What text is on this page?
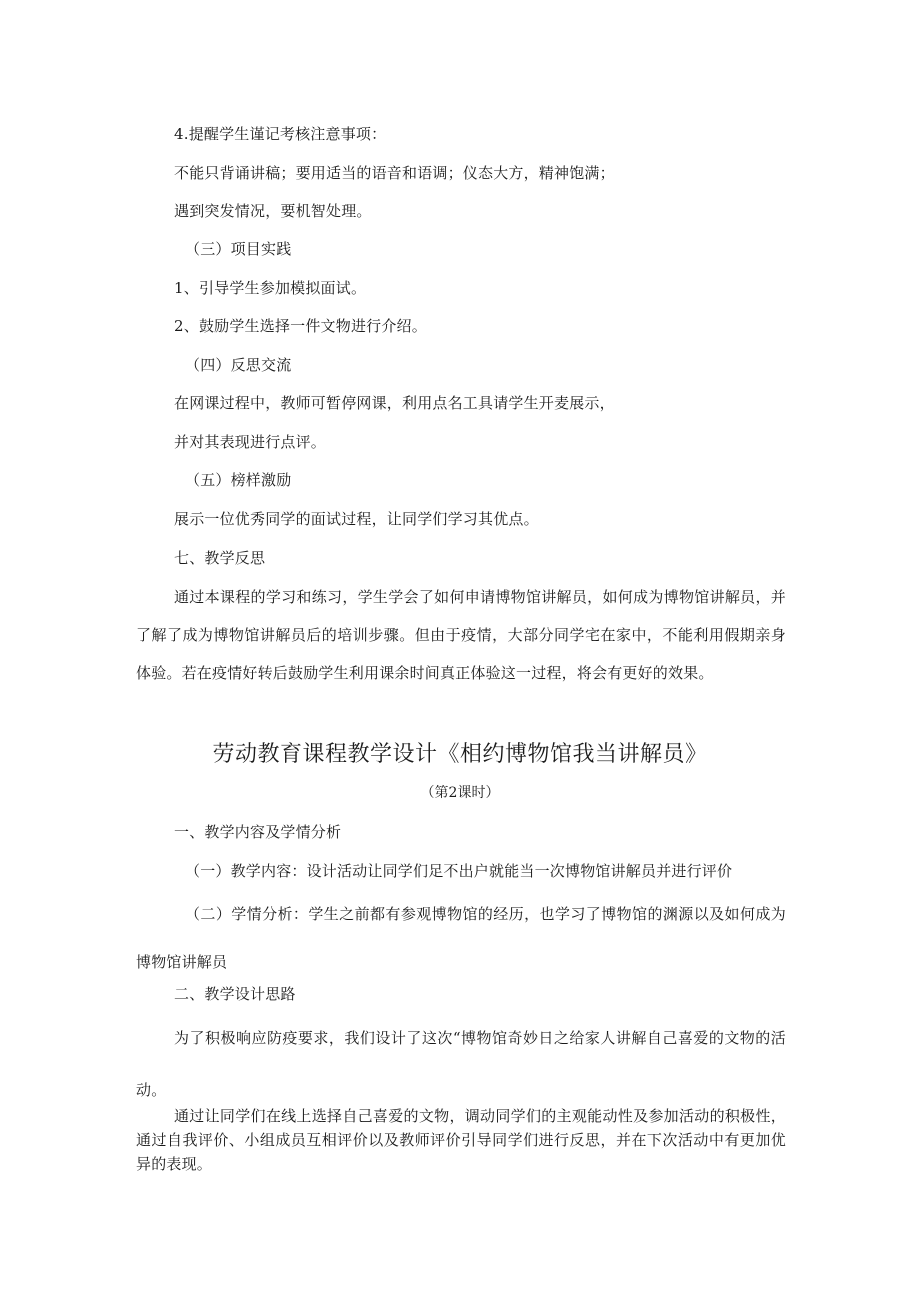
4.提醒学生谨记考核注意事项：
不能只背诵讲稿；要用适当的语音和语调；仪态大方，精神饱满；
遇到突发情况，要机智处理。
（三）项目实践
1、引导学生参加模拟面试。
2、鼓励学生选择一件文物进行介绍。
（四）反思交流
在网课过程中，教师可暂停网课，利用点名工具请学生开麦展示，
并对其表现进行点评。
（五）榜样激励
展示一位优秀同学的面试过程，让同学们学习其优点。
七、教学反思
通过本课程的学习和练习，学生学会了如何申请博物馆讲解员，如何成为博物馆讲解员，并了解了成为博物馆讲解员后的培训步骤。但由于疫情，大部分同学宅在家中，不能利用假期亲身体验。若在疫情好转后鼓励学生利用课余时间真正体验这一过程，将会有更好的效果。
劳动教育课程教学设计《相约博物馆我当讲解员》
（第2课时）
一、教学内容及学情分析
（一）教学内容：设计活动让同学们足不出户就能当一次博物馆讲解员并进行评价
（二）学情分析：学生之前都有参观博物馆的经历，也学习了博物馆的渊源以及如何成为博物馆讲解员
二、教学设计思路
为了积极响应防疫要求，我们设计了这次“博物馆奇妙日之给家人讲解自己喜爱的文物的活动。
通过让同学们在线上选择自己喜爱的文物，调动同学们的主观能动性及参加活动的积极性，通过自我评价、小组成员互相评价以及教师评价引导同学们进行反思，并在下次活动中有更加优异的表现。
